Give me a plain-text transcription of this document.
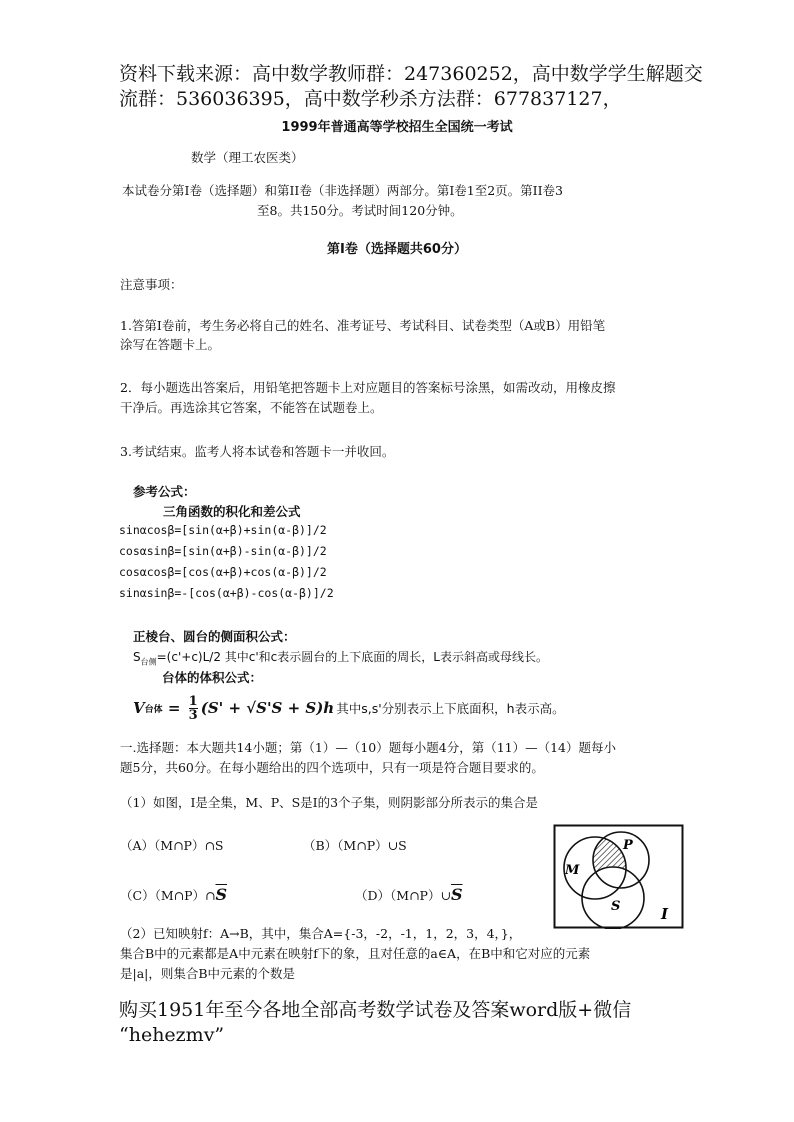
资料下载来源：高中数学教师群：247360252，高中数学学生解题交
流群：536036395，高中数学秒杀方法群：677837127，
1999年普通高等学校招生全国统一考试
数学（理工农医类）
本试卷分第Ⅰ卷（选择题）和第II卷（非选择题）两部分。第Ⅰ卷1至2页。第II卷3
至8。共150分。考试时间120分钟。
第Ⅰ卷（选择题共60分）
注意事项：
1.答第Ⅰ卷前，考生务必将自己的姓名、准考证号、考试科目、试卷类型（A或B）用铅笔
涂写在答题卡上。
2．每小题选出答案后，用铅笔把答题卡上对应题目的答案标号涂黑，如需改动，用橡皮擦
干净后。再选涂其它答案，不能答在试题卷上。
3.考试结束。监考人将本试卷和答题卡一并收回。
参考公式：
三角函数的积化和差公式
sinαcosβ=[sin(α+β)+sin(α-β)]/2
cosαsinβ=[sin(α+β)-sin(α-β)]/2
cosαcosβ=[cos(α+β)+cos(α-β)]/2
sinαsinβ=-[cos(α+β)-cos(α-β)]/2
正棱台、圆台的侧面积公式：
$S_{台侧}=(c'+c)L/2$ 其中c'和c表示圆台的上下底面的周长，L表示斜高或母线长。
台体的体积公式：
V 台体 = $\frac{1}{3} (S' + √S'S + S)h$ 其中s,s'分别表示上下底面积，h表示高。
一.选择题：本大题共14小题；第（1）—（10）题每小题4分，第（11）—（14）题每小
题5分，共60分。在每小题给出的四个选项中，只有一项是符合题目要求的。
（1）如图，I是全集，M、P、S是I的3个子集，则阴影部分所表示的集合是
（A）（M∩P）∩S	（B）（M∩P）∪S
$(C)(M\cap P)\cap\overline{S}$	$(D)(M\cap P)\cup\overline{S}$
M
P
S	I
（2）已知映射f：A→B，其中，集合A={-3，-2，-1，1，2，3，4，}，
集合B中的元素都是A中元素在映射f下的象，且对任意的a∈A，在B中和它对应的元素
是|a|，则集合B中元素的个数是
购买1951年至今各地全部高考数学试卷及答案word版+微信
“hehezmv”
